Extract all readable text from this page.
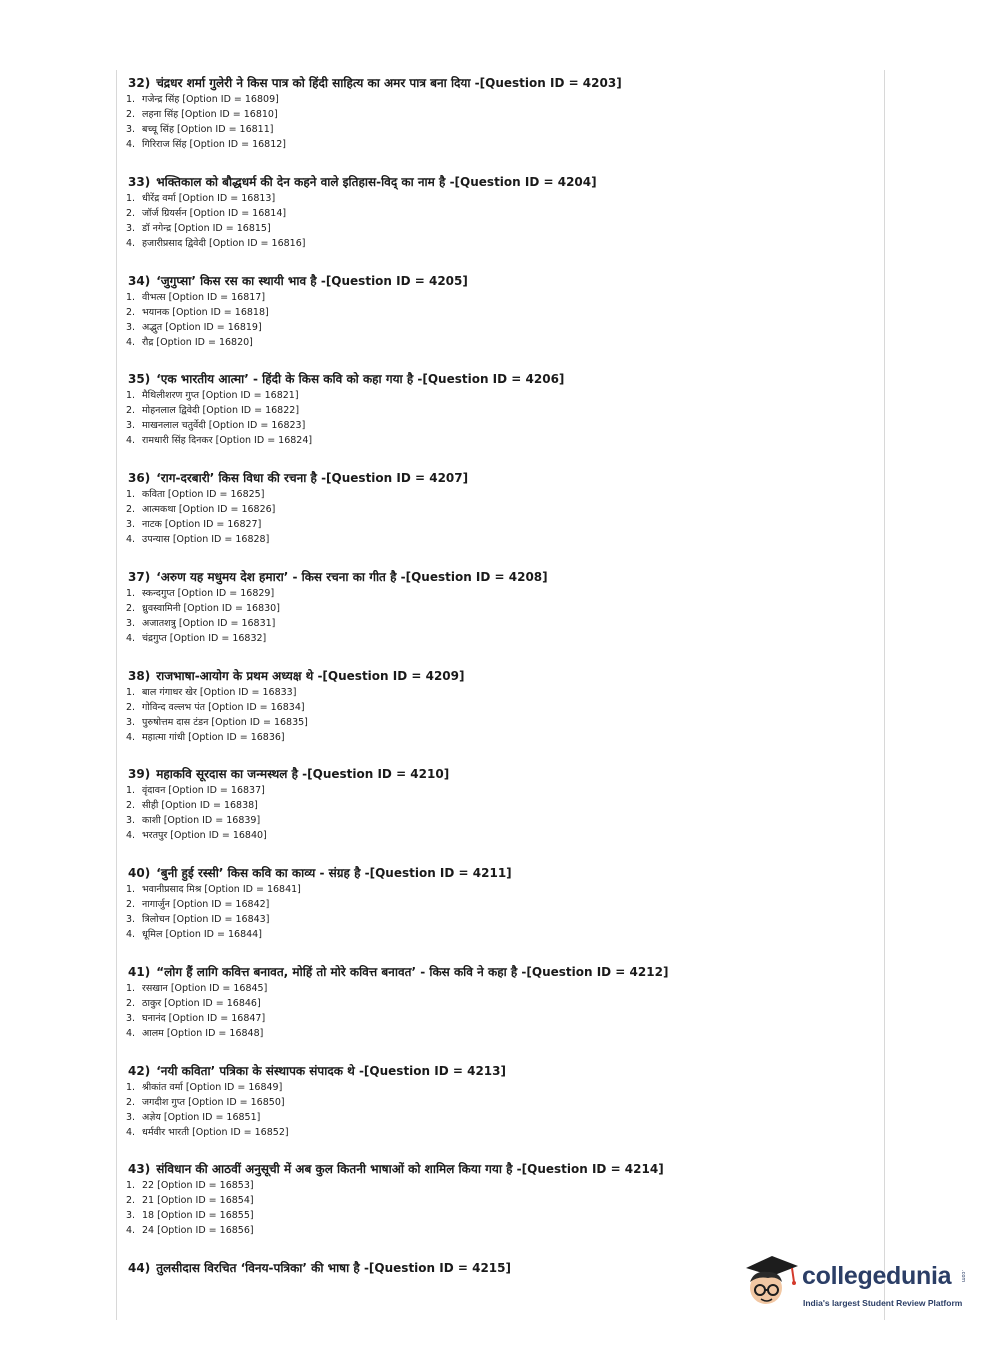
32) चंद्रधर शर्मा गुलेरी ने किस पात्र को हिंदी साहित्य का अमर पात्र बना दिया -[Question ID = 4203]
1. गजेन्द्र सिंह [Option ID = 16809]
2. लहना सिंह [Option ID = 16810]
3. बच्चू सिंह [Option ID = 16811]
4. गिरिराज सिंह [Option ID = 16812]
33) भक्तिकाल को बौद्धधर्म की देन कहने वाले इतिहास-विद् का नाम है -[Question ID = 4204]
1. धीरेंद्र वर्मा [Option ID = 16813]
2. जॉर्ज ग्रियर्सन [Option ID = 16814]
3. डॉ नगेन्द्र [Option ID = 16815]
4. हजारीप्रसाद द्विवेदी [Option ID = 16816]
34) ‘जुगुप्सा’ किस रस का स्थायी भाव है -[Question ID = 4205]
1. वीभत्स [Option ID = 16817]
2. भयानक [Option ID = 16818]
3. अद्भुत [Option ID = 16819]
4. रौद्र [Option ID = 16820]
35) ‘एक भारतीय आत्मा’ - हिंदी के किस कवि को कहा गया है -[Question ID = 4206]
1. मैथिलीशरण गुप्त [Option ID = 16821]
2. मोहनलाल द्विवेदी [Option ID = 16822]
3. माखनलाल चतुर्वेदी [Option ID = 16823]
4. रामधारी सिंह दिनकर [Option ID = 16824]
36) ‘राग-दरबारी’ किस विधा की रचना है -[Question ID = 4207]
1. कविता [Option ID = 16825]
2. आत्मकथा [Option ID = 16826]
3. नाटक [Option ID = 16827]
4. उपन्यास [Option ID = 16828]
37) ‘अरुण यह मधुमय देश हमारा’ - किस रचना का गीत है -[Question ID = 4208]
1. स्कन्दगुप्त [Option ID = 16829]
2. ध्रुवस्वामिनी [Option ID = 16830]
3. अजातशत्रु [Option ID = 16831]
4. चंद्रगुप्त [Option ID = 16832]
38) राजभाषा-आयोग के प्रथम अध्यक्ष थे -[Question ID = 4209]
1. बाल गंगाधर खेर [Option ID = 16833]
2. गोविन्द वल्लभ पंत [Option ID = 16834]
3. पुरुषोत्तम दास टंडन [Option ID = 16835]
4. महात्मा गांधी [Option ID = 16836]
39) महाकवि सूरदास का जन्मस्थल है -[Question ID = 4210]
1. वृंदावन [Option ID = 16837]
2. सीही [Option ID = 16838]
3. काशी [Option ID = 16839]
4. भरतपुर [Option ID = 16840]
40) ‘बुनी हुई रस्सी’ किस कवि का काव्य - संग्रह है -[Question ID = 4211]
1. भवानीप्रसाद मिश्र [Option ID = 16841]
2. नागार्जुन [Option ID = 16842]
3. त्रिलोचन [Option ID = 16843]
4. धूमिल [Option ID = 16844]
41) “लोग हैं लागि कवित्त बनावत, मोहिं तो मोरे कवित्त बनावत’ - किस कवि ने कहा है -[Question ID = 4212]
1. रसखान [Option ID = 16845]
2. ठाकुर [Option ID = 16846]
3. घनानंद [Option ID = 16847]
4. आलम [Option ID = 16848]
42) ‘नयी कविता’ पत्रिका के संस्थापक संपादक थे -[Question ID = 4213]
1. श्रीकांत वर्मा [Option ID = 16849]
2. जगदीश गुप्त [Option ID = 16850]
3. अज्ञेय [Option ID = 16851]
4. धर्मवीर भारती [Option ID = 16852]
43) संविधान की आठवीं अनुसूची में अब कुल कितनी भाषाओं को शामिल किया गया है -[Question ID = 4214]
1. 22 [Option ID = 16853]
2. 21 [Option ID = 16854]
3. 18 [Option ID = 16855]
4. 24 [Option ID = 16856]
44) तुलसीदास विरचित ‘विनय-पत्रिका’ की भाषा है -[Question ID = 4215]	collegedunia .com
India's largest Student Review Platform
